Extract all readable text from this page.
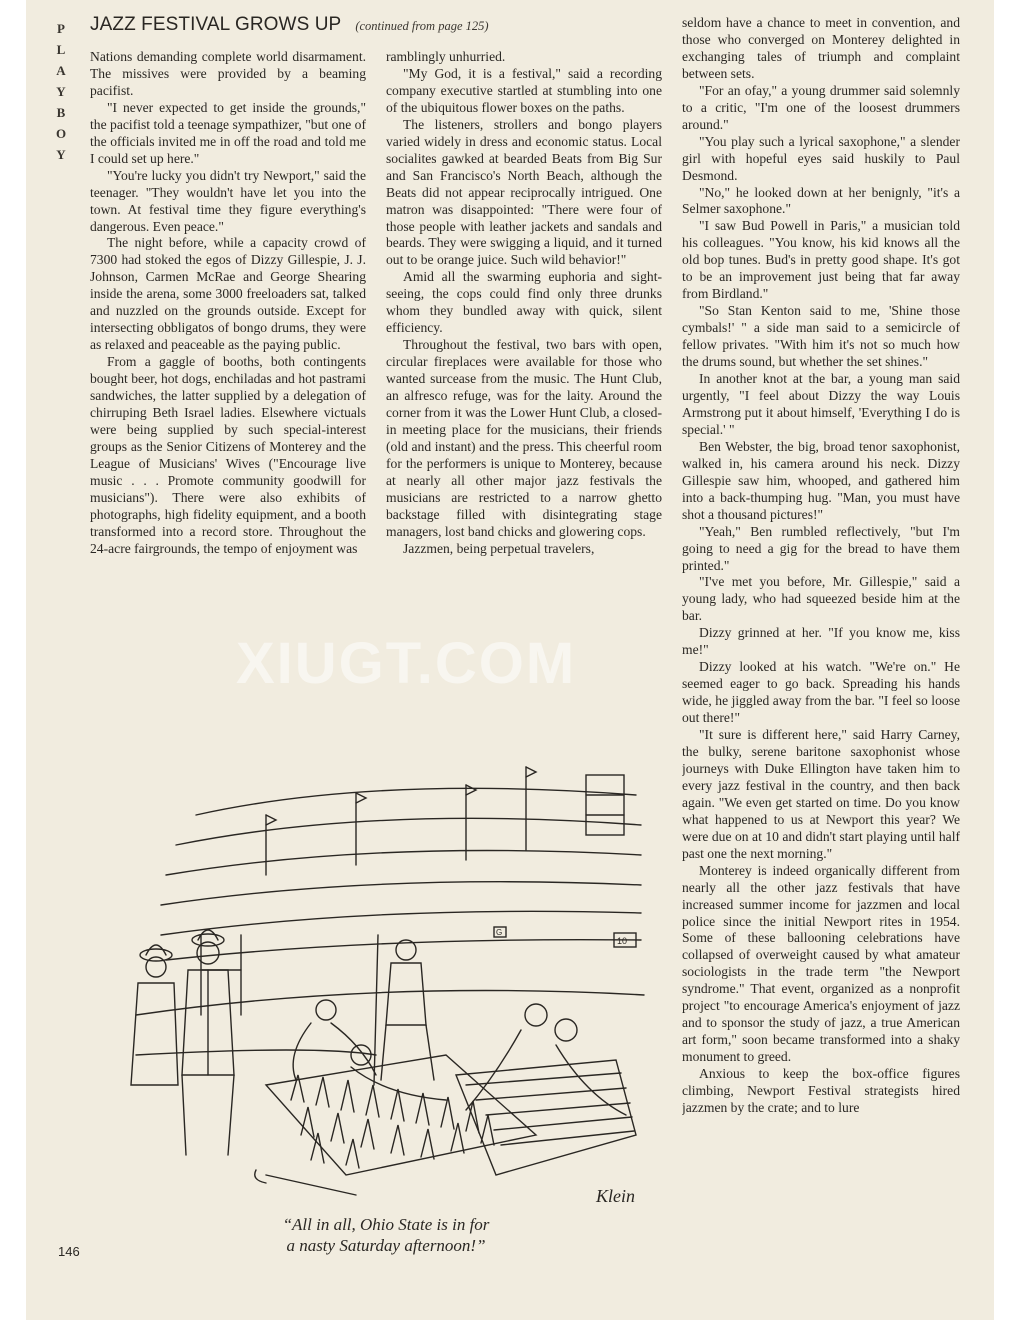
P
L
A
Y
B
O
Y
JAZZ FESTIVAL GROWS UP (continued from page 125)

Nations demanding complete world disarmament. The missives were provided by a beaming pacifist.

"I never expected to get inside the grounds," the pacifist told a teenage sympathizer, "but one of the officials invited me in off the road and told me I could set up here."

"You're lucky you didn't try Newport," said the teenager. "They wouldn't have let you into the town. At festival time they figure everything's dangerous. Even peace."

The night before, while a capacity crowd of 7300 had stoked the egos of Dizzy Gillespie, J. J. Johnson, Carmen McRae and George Shearing inside the arena, some 3000 freeloaders sat, talked and nuzzled on the grounds outside. Except for intersecting obbligatos of bongo drums, they were as relaxed and peaceable as the paying public.

From a gaggle of booths, both contingents bought beer, hot dogs, enchiladas and hot pastrami sandwiches, the latter supplied by a delegation of chirruping Beth Israel ladies. Elsewhere victuals were being supplied by such special-interest groups as the Senior Citizens of Monterey and the League of Musicians' Wives ("Encourage live music . . . Promote community goodwill for musicians"). There were also exhibits of photographs, high fidelity equipment, and a booth transformed into a record store. Throughout the 24-acre fairgrounds, the tempo of enjoyment was

ramblingly unhurried.

"My God, it is a festival," said a recording company executive startled at stumbling into one of the ubiquitous flower boxes on the paths.

The listeners, strollers and bongo players varied widely in dress and economic status. Local socialites gawked at bearded Beats from Big Sur and San Francisco's North Beach, although the Beats did not appear reciprocally intrigued. One matron was disappointed: "There were four of those people with leather jackets and sandals and beards. They were swigging a liquid, and it turned out to be orange juice. Such wild behavior!"

Amid all the swarming euphoria and sight-seeing, the cops could find only three drunks whom they bundled away with quick, silent efficiency.

Throughout the festival, two bars with open, circular fireplaces were available for those who wanted surcease from the music. The Hunt Club, an alfresco refuge, was for the laity. Around the corner from it was the Lower Hunt Club, a closed-in meeting place for the musicians, their friends (old and instant) and the press. This cheerful room for the performers is unique to Monterey, because at nearly all other major jazz festivals the musicians are restricted to a narrow ghetto backstage filled with disintegrating stage managers, lost band chicks and glowering cops.

Jazzmen, being perpetual travelers,

seldom have a chance to meet in convention, and those who converged on Monterey delighted in exchanging tales of triumph and complaint between sets.

"For an ofay," a young drummer said solemnly to a critic, "I'm one of the loosest drummers around."

"You play such a lyrical saxophone," a slender girl with hopeful eyes said huskily to Paul Desmond.

"No," he looked down at her benignly, "it's a Selmer saxophone."

"I saw Bud Powell in Paris," a musician told his colleagues. "You know, his kid knows all the old bop tunes. Bud's in pretty good shape. It's got to be an improvement just being that far away from Birdland."

"So Stan Kenton said to me, 'Shine those cymbals!' " a side man said to a semicircle of fellow privates. "With him it's not so much how the drums sound, but whether the set shines."

In another knot at the bar, a young man said urgently, "I feel about Dizzy the way Louis Armstrong put it about himself, 'Everything I do is special.' "

Ben Webster, the big, broad tenor saxophonist, walked in, his camera around his neck. Dizzy Gillespie saw him, whooped, and gathered him into a back-thumping hug. "Man, you must have shot a thousand pictures!"

"Yeah," Ben rumbled reflectively, "but I'm going to need a gig for the bread to have them printed."

"I've met you before, Mr. Gillespie," said a young lady, who had squeezed beside him at the bar.

Dizzy grinned at her. "If you know me, kiss me!"

Dizzy looked at his watch. "We're on." He seemed eager to go back. Spreading his hands wide, he jiggled away from the bar. "I feel so loose out there!"

"It sure is different here," said Harry Carney, the bulky, serene baritone saxophonist whose journeys with Duke Ellington have taken him to every jazz festival in the country, and then back again. "We even get started on time. Do you know what happened to us at Newport this year? We were due on at 10 and didn't start playing until half past one the next morning."

Monterey is indeed organically different from nearly all the other jazz festivals that have increased summer income for jazzmen and local police since the initial Newport rites in 1954. Some of these ballooning celebrations have collapsed of overweight caused by what amateur sociologists in the trade term "the Newport syndrome." That event, organized as a nonprofit project "to encourage America's enjoyment of jazz and to sponsor the study of jazz, a true American art form," soon became transformed into a shaky monument to greed.

Anxious to keep the box-office figures climbing, Newport Festival strategists hired jazzmen by the crate; and to lure

10
G
Klein
“All in all, Ohio State is in for
a nasty Saturday afternoon!”
146
XIUGT.COM
